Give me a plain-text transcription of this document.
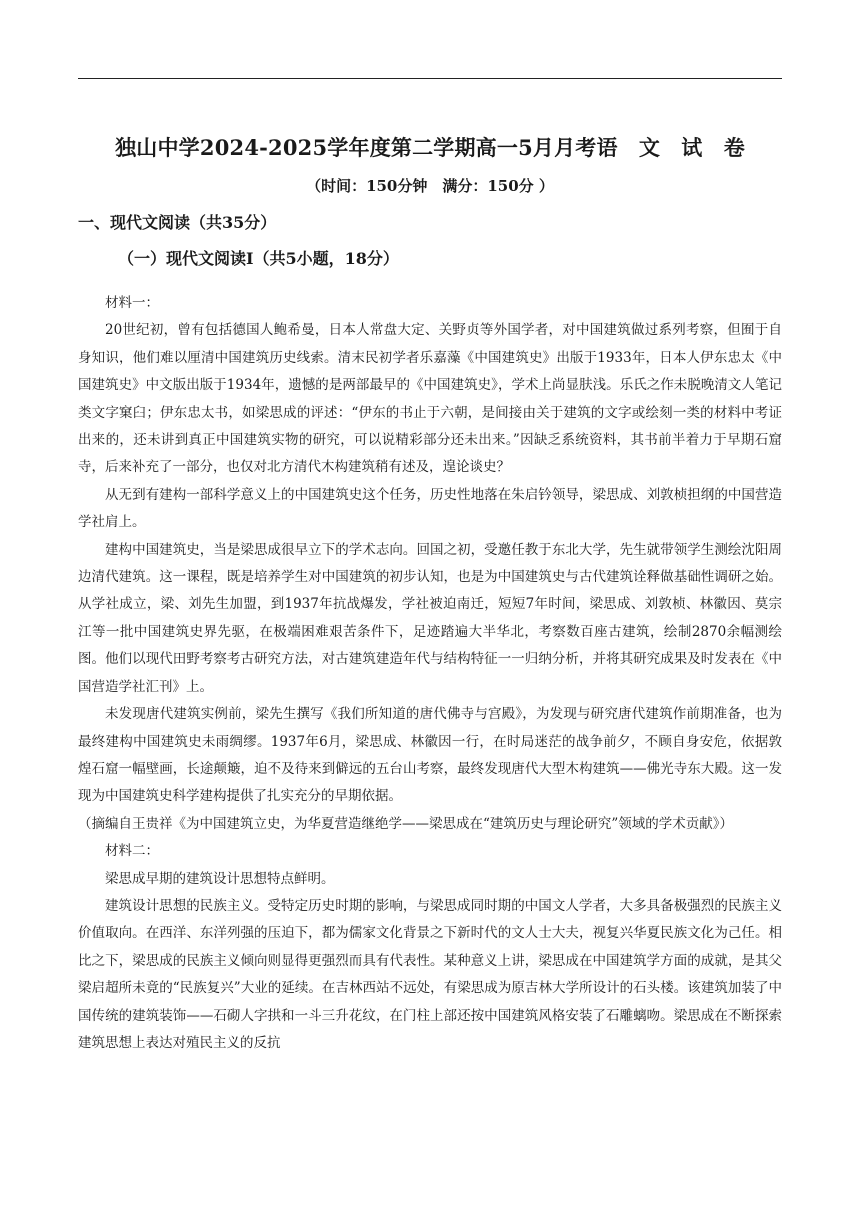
独山中学2024-2025学年度第二学期高一5月月考语　文　试　卷
（时间：150分钟　满分：150分 ）
一、现代文阅读（共35分）
（一）现代文阅读Ⅰ（共5小题，18分）

材料一：

20世纪初，曾有包括德国人鲍希曼，日本人常盘大定、关野贞等外国学者，对中国建筑做过系列考察，但囿于自身知识，他们难以厘清中国建筑历史线索。清末民初学者乐嘉藻《中国建筑史》出版于1933年，日本人伊东忠太《中国建筑史》中文版出版于1934年，遗憾的是两部最早的《中国建筑史》，学术上尚显肤浅。乐氏之作未脱晚清文人笔记类文字窠臼；伊东忠太书，如梁思成的评述：“伊东的书止于六朝，是间接由关于建筑的文字或绘刻一类的材料中考证出来的，还未讲到真正中国建筑实物的研究，可以说精彩部分还未出来。”因缺乏系统资料，其书前半着力于早期石窟寺，后来补充了一部分，也仅对北方清代木构建筑稍有述及，遑论谈史？

从无到有建构一部科学意义上的中国建筑史这个任务，历史性地落在朱启钤领导，梁思成、刘敦桢担纲的中国营造学社肩上。

建构中国建筑史，当是梁思成很早立下的学术志向。回国之初，受邀任教于东北大学，先生就带领学生测绘沈阳周边清代建筑。这一课程，既是培养学生对中国建筑的初步认知，也是为中国建筑史与古代建筑诠释做基础性调研之始。从学社成立，梁、刘先生加盟，到1937年抗战爆发，学社被迫南迁，短短7年时间，梁思成、刘敦桢、林徽因、莫宗江等一批中国建筑史界先驱，在极端困难艰苦条件下，足迹踏遍大半华北，考察数百座古建筑，绘制2870余幅测绘图。他们以现代田野考察考古研究方法，对古建筑建造年代与结构特征一一归纳分析，并将其研究成果及时发表在《中国营造学社汇刊》上。

未发现唐代建筑实例前，梁先生撰写《我们所知道的唐代佛寺与宫殿》，为发现与研究唐代建筑作前期准备，也为最终建构中国建筑史未雨绸缪。1937年6月，梁思成、林徽因一行，在时局迷茫的战争前夕，不顾自身安危，依据敦煌石窟一幅壁画，长途颠簸，迫不及待来到僻远的五台山考察，最终发现唐代大型木构建筑——佛光寺东大殿。这一发现为中国建筑史科学建构提供了扎实充分的早期依据。

（摘编自王贵祥《为中国建筑立史，为华夏营造继绝学——梁思成在“建筑历史与理论研究”领域的学术贡献》）

材料二：

梁思成早期的建筑设计思想特点鲜明。

建筑设计思想的民族主义。受特定历史时期的影响，与梁思成同时期的中国文人学者，大多具备极强烈的民族主义价值取向。在西洋、东洋列强的压迫下，都为儒家文化背景之下新时代的文人士大夫，视复兴华夏民族文化为己任。相比之下，梁思成的民族主义倾向则显得更强烈而具有代表性。某种意义上讲，梁思成在中国建筑学方面的成就，是其父梁启超所未竟的“民族复兴”大业的延续。在吉林西站不远处，有梁思成为原吉林大学所设计的石头楼。该建筑加装了中国传统的建筑装饰——石砌人字拱和一斗三升花纹，在门柱上部还按中国建筑风格安装了石雕螭吻。梁思成在不断探索建筑思想上表达对殖民主义的反抗
